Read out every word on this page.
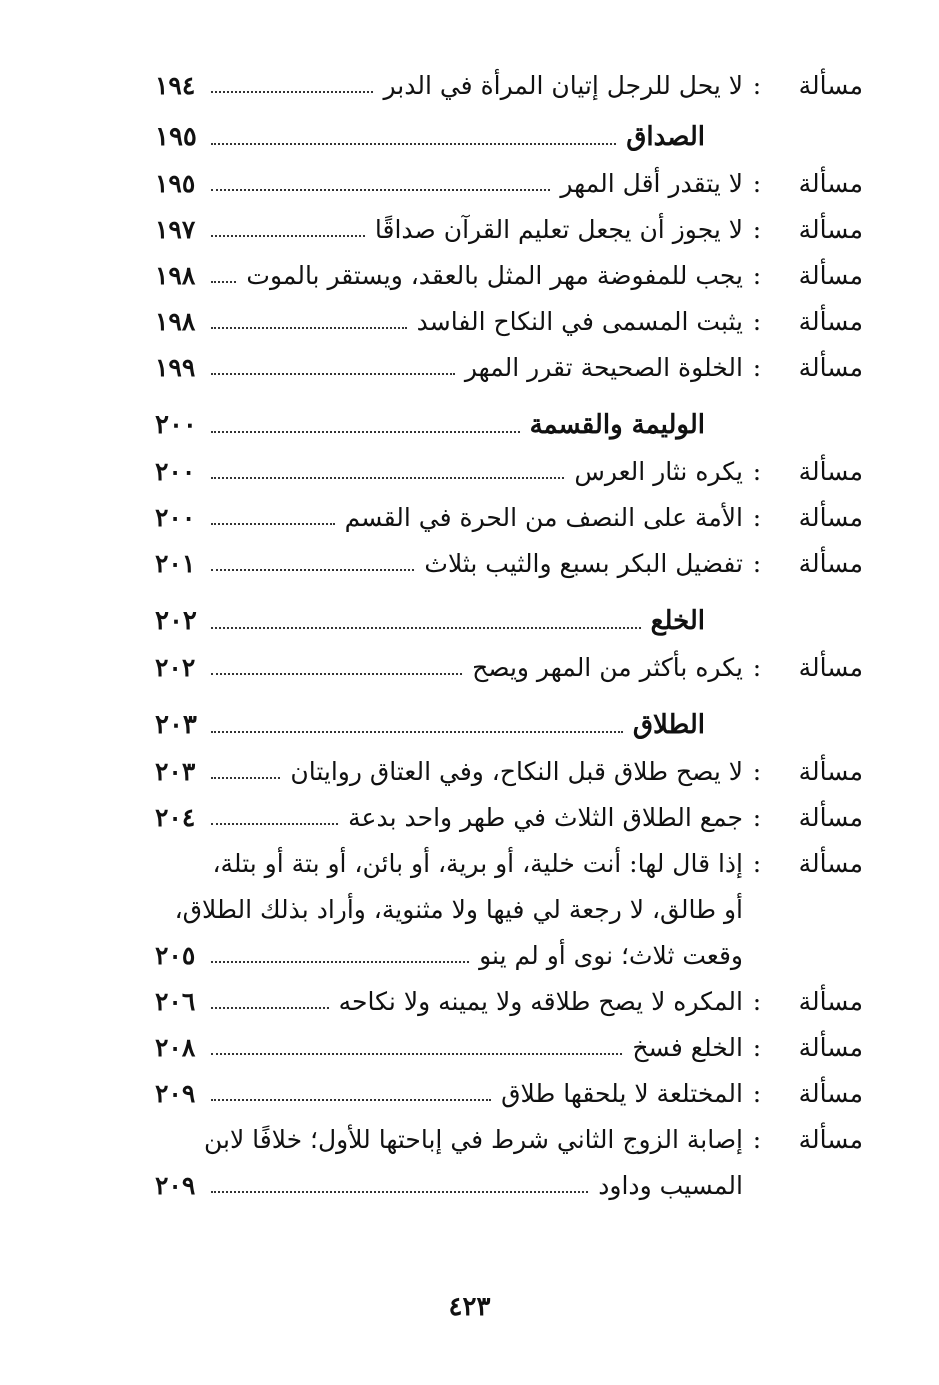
مسألة
:
لا يحل للرجل إتيان المرأة في الدبر
١٩٤
الصداق
١٩٥
مسألة
:
لا يتقدر أقل المهر
١٩٥
مسألة
:
لا يجوز أن يجعل تعليم القرآن صداقًا
١٩٧
مسألة
:
يجب للمفوضة مهر المثل بالعقد، ويستقر بالموت
١٩٨
مسألة
:
يثبت المسمى في النكاح الفاسد
١٩٨
مسألة
:
الخلوة الصحيحة تقرر المهر
١٩٩
الوليمة والقسمة
٢٠٠
مسألة
:
يكره نثار العرس
٢٠٠
مسألة
:
الأمة على النصف من الحرة في القسم
٢٠٠
مسألة
:
تفضيل البكر بسبع والثيب بثلاث
٢٠١
الخلع
٢٠٢
مسألة
:
يكره بأكثر من المهر ويصح
٢٠٢
الطلاق
٢٠٣
مسألة
:
لا يصح طلاق قبل النكاح، وفي العتاق روايتان
٢٠٣
مسألة
:
جمع الطلاق الثلاث في طهر واحد بدعة
٢٠٤
مسألة
:
إذا قال لها: أنت خلية، أو برية، أو بائن، أو بتة أو بتلة،
أو طالق، لا رجعة لي فيها ولا مثنوية، وأراد بذلك الطلاق،
وقعت ثلاث؛ نوى أو لم ينو
٢٠٥
مسألة
:
المكره لا يصح طلاقه ولا يمينه ولا نكاحه
٢٠٦
مسألة
:
الخلع فسخ
٢٠٨
مسألة
:
المختلعة لا يلحقها طلاق
٢٠٩
مسألة
:
إصابة الزوج الثاني شرط في إباحتها للأول؛ خلافًا لابن
المسيب وداود
٢٠٩
٤٢٣
